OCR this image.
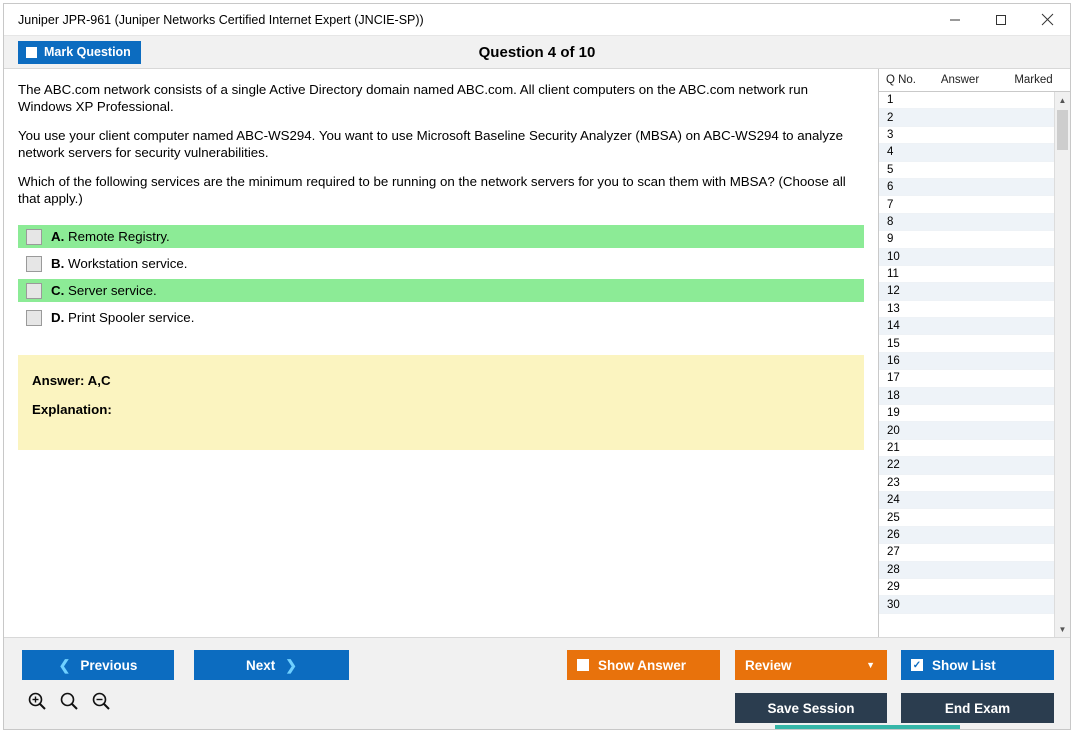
Juniper JPR-961 (Juniper Networks Certified Internet Expert (JNCIE-SP))
Mark Question	Question 4 of 10

The ABC.com network consists of a single Active Directory domain named ABC.com. All client computers on the ABC.com network run Windows XP Professional.

You use your client computer named ABC-WS294. You want to use Microsoft Baseline Security Analyzer (MBSA) on ABC-WS294 to analyze network servers for security vulnerabilities.

Which of the following services are the minimum required to be running on the network servers for you to scan them with MBSA? (Choose all that apply.)

A. Remote Registry.
B. Workstation service.
C. Server service.
D. Print Spooler service.
Answer: A,C
Explanation:
Q No.	Answer	Marked
1
2
3
4
5
6
7
8
9
10
11
12
13
14
15
16
17
18
19
20
21
22
23
24
25
26
27
28
29
30
▲
▼
❮ Previous	Next ❯	Show Answer	Review	▼	✓ Show List
Save Session	End Exam
